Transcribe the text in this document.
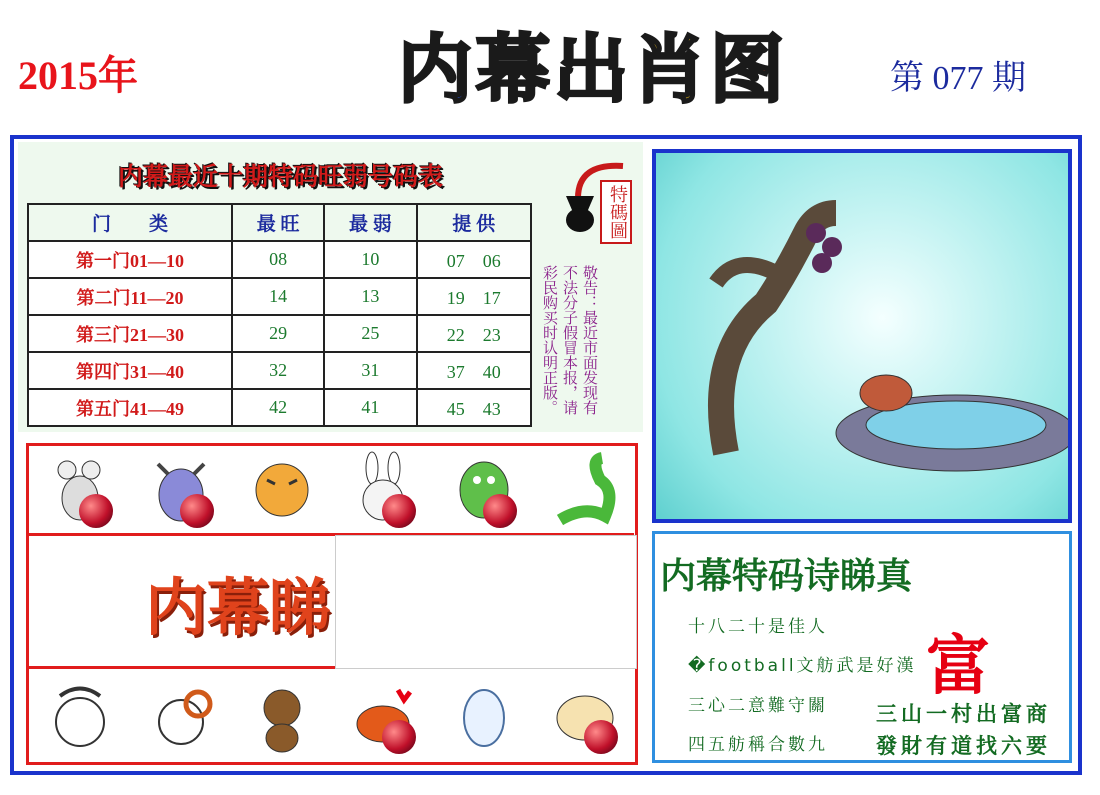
2015年	内 幕 出 肖 图	第 077 期
内幕最近十期特码旺弱号码表
门　　类	最 旺	最 弱	提 供
第一门01—10	08	10	07　06
第二门11—20	14	13	19　17
第三门21—30	29	25	22　23
第四门31—40	32	31	37　40
第五门41—49	42	41	45　43
特碼圖
敬告：最近市面发现有不法分子假冒本报，请彩民购买时认明正版。
内幕睇	内幕特码诗睇真
十八二十是佳人
�football文舫武是好漢
三心二意難守關
四五舫稱合數九
富
三山一村出富商
發財有道找六要
